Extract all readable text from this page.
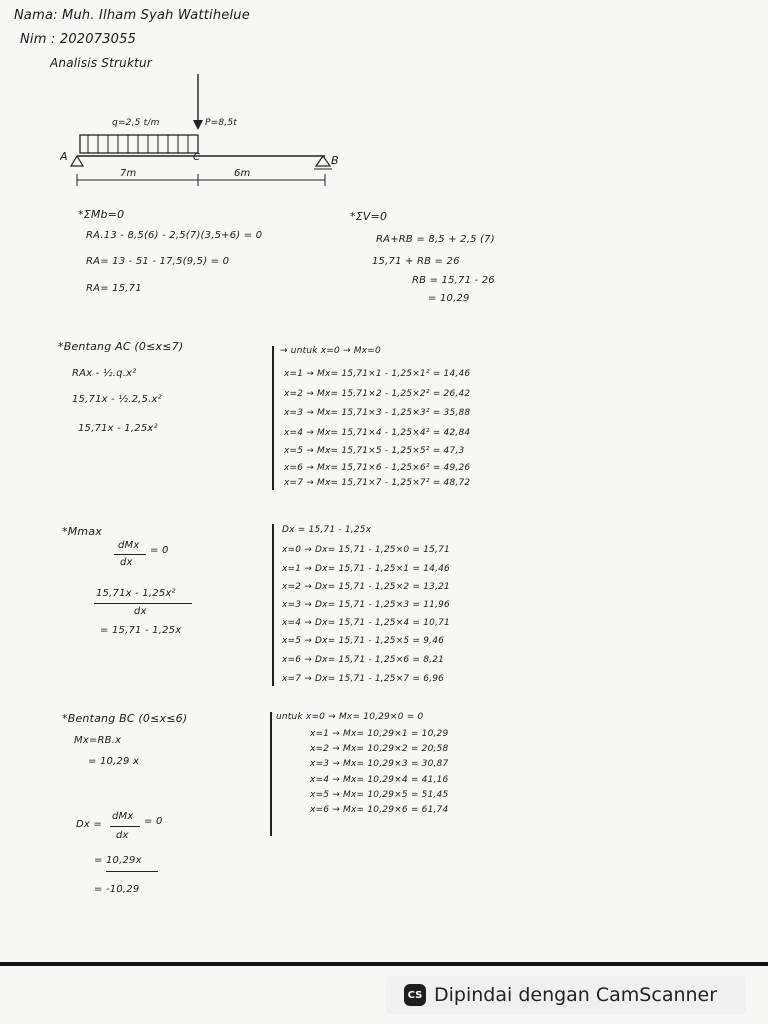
Nama: Muh. Ilham Syah Wattihelue
Nim : 202073055
Analisis Struktur
q=2,5 t/m	P=8,5t
A	B
C
7m	6m
*ΣMb=0
RA.13 - 8,5(6) - 2,5(7)(3,5+6) = 0
RA= 13 - 51 - 17,5(9,5) = 0
RA= 15,71
*ΣV=0
RA+RB = 8,5 + 2,5 (7)
15,71 + RB = 26
RB = 15,71 - 26
= 10,29
*Bentang AC (0≤x≤7)
RAx - ½.q.x²
15,71x - ½.2,5.x²
15,71x - 1,25x²
→ untuk x=0 → Mx=0
x=1 → Mx= 15,71×1 - 1,25×1² = 14,46
x=2 → Mx= 15,71×2 - 1,25×2² = 26,42
x=3 → Mx= 15,71×3 - 1,25×3² = 35,88
x=4 → Mx= 15,71×4 - 1,25×4² = 42,84
x=5 → Mx= 15,71×5 - 1,25×5² = 47,3
x=6 → Mx= 15,71×6 - 1,25×6² = 49,26
x=7 → Mx= 15,71×7 - 1,25×7² = 48,72
*Mmax
dMx = 0
dx
15,71x - 1,25x²
dx
= 15,71 - 1,25x
Dx = 15,71 - 1,25x
x=0 → Dx= 15,71 - 1,25×0 = 15,71
x=1 → Dx= 15,71 - 1,25×1 = 14,46
x=2 → Dx= 15,71 - 1,25×2 = 13,21
x=3 → Dx= 15,71 - 1,25×3 = 11,96
x=4 → Dx= 15,71 - 1,25×4 = 10,71
x=5 → Dx= 15,71 - 1,25×5 = 9,46
x=6 → Dx= 15,71 - 1,25×6 = 8,21
x=7 → Dx= 15,71 - 1,25×7 = 6,96
*Bentang BC (0≤x≤6)
Mx=RB.x
= 10,29 x
Dx =
dMx = 0
dx
= 10,29x
= -10,29
untuk x=0 → Mx= 10,29×0 = 0
x=1 → Mx= 10,29×1 = 10,29
x=2 → Mx= 10,29×2 = 20,58
x=3 → Mx= 10,29×3 = 30,87
x=4 → Mx= 10,29×4 = 41,16
x=5 → Mx= 10,29×5 = 51,45
x=6 → Mx= 10,29×6 = 61,74
CS Dipindai dengan CamScanner
